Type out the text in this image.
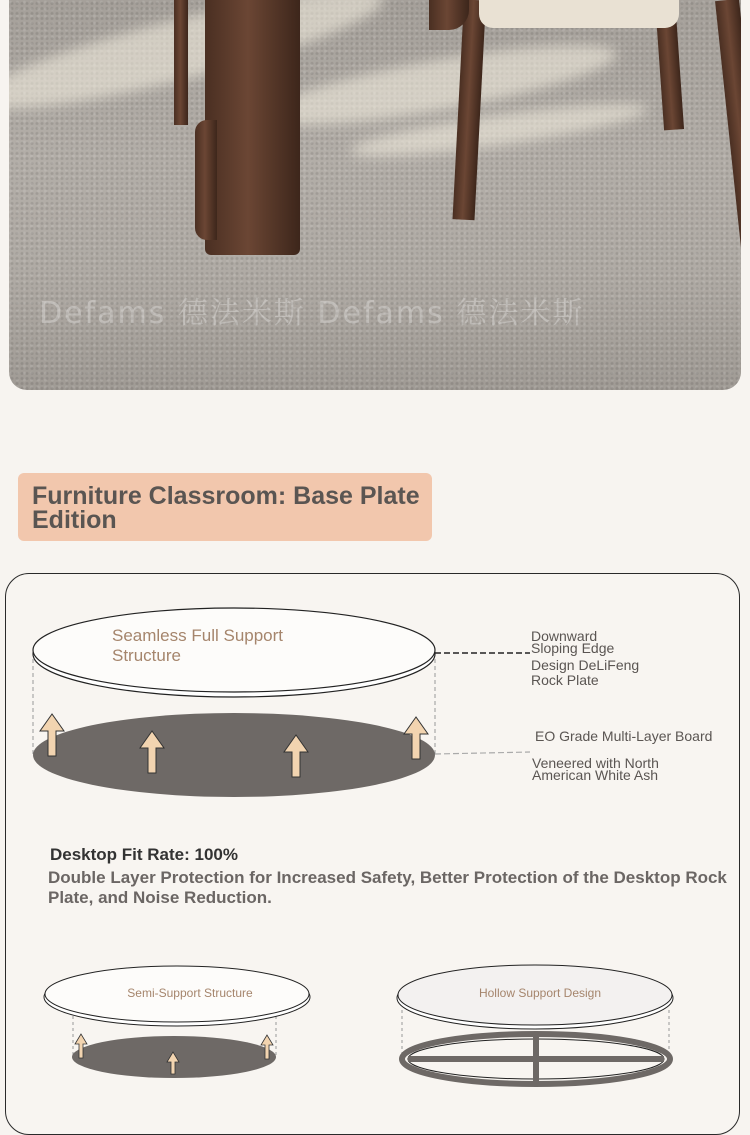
Defams 德法米斯 Defams 德法米斯
Furniture Classroom: Base Plate Edition
Seamless Full Support Structure
Downward
Sloping Edge
Design DeLiFeng
Rock Plate
EO Grade Multi-Layer Board
Veneered with North
American White Ash
Desktop Fit Rate: 100%
Double Layer Protection for Increased Safety, Better Protection of the Desktop Rock Plate, and Noise Reduction.
Semi-Support Structure	Hollow Support Design
